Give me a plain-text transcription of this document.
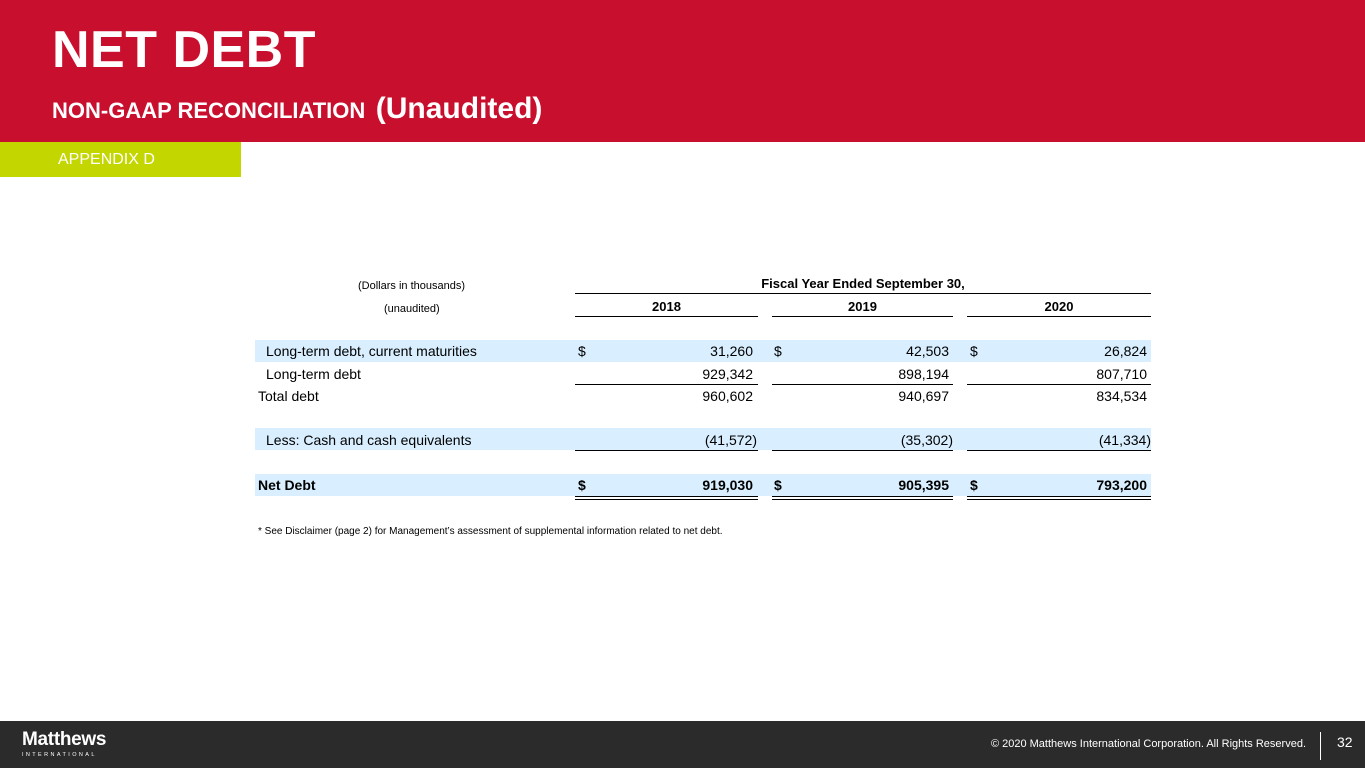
NET DEBT
NON-GAAP RECONCILIATION (Unaudited)
APPENDIX D
(Dollars in thousands)	Fiscal Year Ended September 30,
(unaudited)	2018	2019	2020
Long-term debt, current maturities	$	31,260 $	42,503 $	26,824
Long-term debt	929,342	898,194	807,710
Total debt	960,602	940,697	834,534
Less: Cash and cash equivalents	(41,572)	(35,302)	(41,334)
Net Debt	$	919,030 $	905,395 $	793,200
* See Disclaimer (page 2) for Management’s assessment of supplemental information related to net debt.
Matthews
INTERNATIONAL
© 2020 Matthews International Corporation. All Rights Reserved. 32
